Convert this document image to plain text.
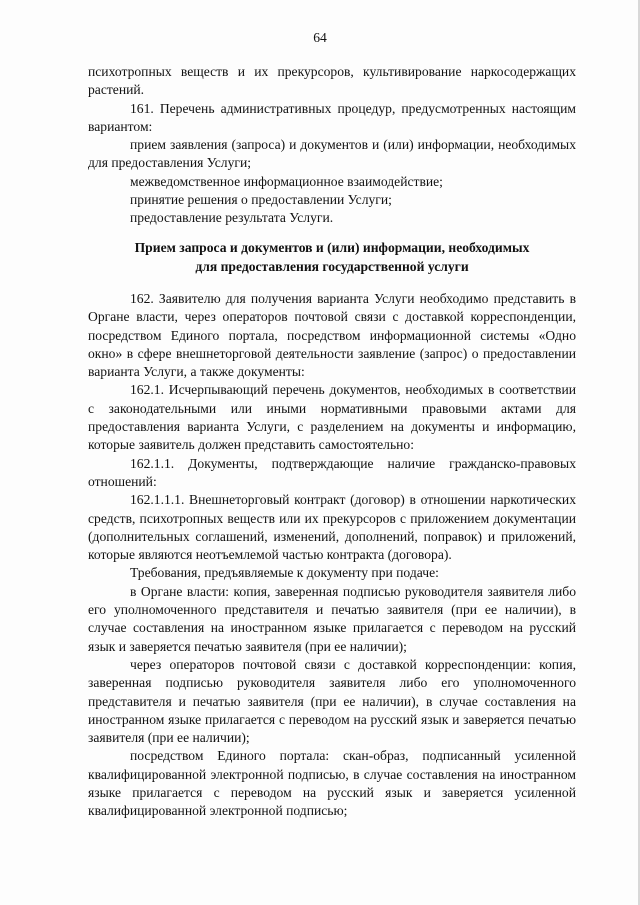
64

психотропных веществ и их прекурсоров, культивирование наркосодержащих растений.

161. Перечень административных процедур, предусмотренных настоящим вариантом:

прием заявления (запроса) и документов и (или) информации, необходимых для предоставления Услуги;

межведомственное информационное взаимодействие;

принятие решения о предоставлении Услуги;

предоставление результата Услуги.

Прием запроса и документов и (или) информации, необходимых
для предоставления государственной услуги

162. Заявителю для получения варианта Услуги необходимо представить в Органе власти, через операторов почтовой связи с доставкой корреспонденции, посредством Единого портала, посредством информационной системы «Одно окно» в сфере внешнеторговой деятельности заявление (запрос) о предоставлении варианта Услуги, а также документы:

162.1. Исчерпывающий перечень документов, необходимых в соответствии с законодательными или иными нормативными правовыми актами для предоставления варианта Услуги, с разделением на документы и информацию, которые заявитель должен представить самостоятельно:

162.1.1. Документы, подтверждающие наличие гражданско-правовых отношений:

162.1.1.1. Внешнеторговый контракт (договор) в отношении наркотических средств, психотропных веществ или их прекурсоров с приложением документации (дополнительных соглашений, изменений, дополнений, поправок) и приложений, которые являются неотъемлемой частью контракта (договора).

Требования, предъявляемые к документу при подаче:

в Органе власти: копия, заверенная подписью руководителя заявителя либо его уполномоченного представителя и печатью заявителя (при ее наличии), в случае составления на иностранном языке прилагается с переводом на русский язык и заверяется печатью заявителя (при ее наличии);

через операторов почтовой связи с доставкой корреспонденции: копия, заверенная подписью руководителя заявителя либо его уполномоченного представителя и печатью заявителя (при ее наличии), в случае составления на иностранном языке прилагается с переводом на русский язык и заверяется печатью заявителя (при ее наличии);

посредством Единого портала: скан-образ, подписанный усиленной квалифицированной электронной подписью, в случае составления на иностранном языке прилагается с переводом на русский язык и заверяется усиленной квалифицированной электронной подписью;
